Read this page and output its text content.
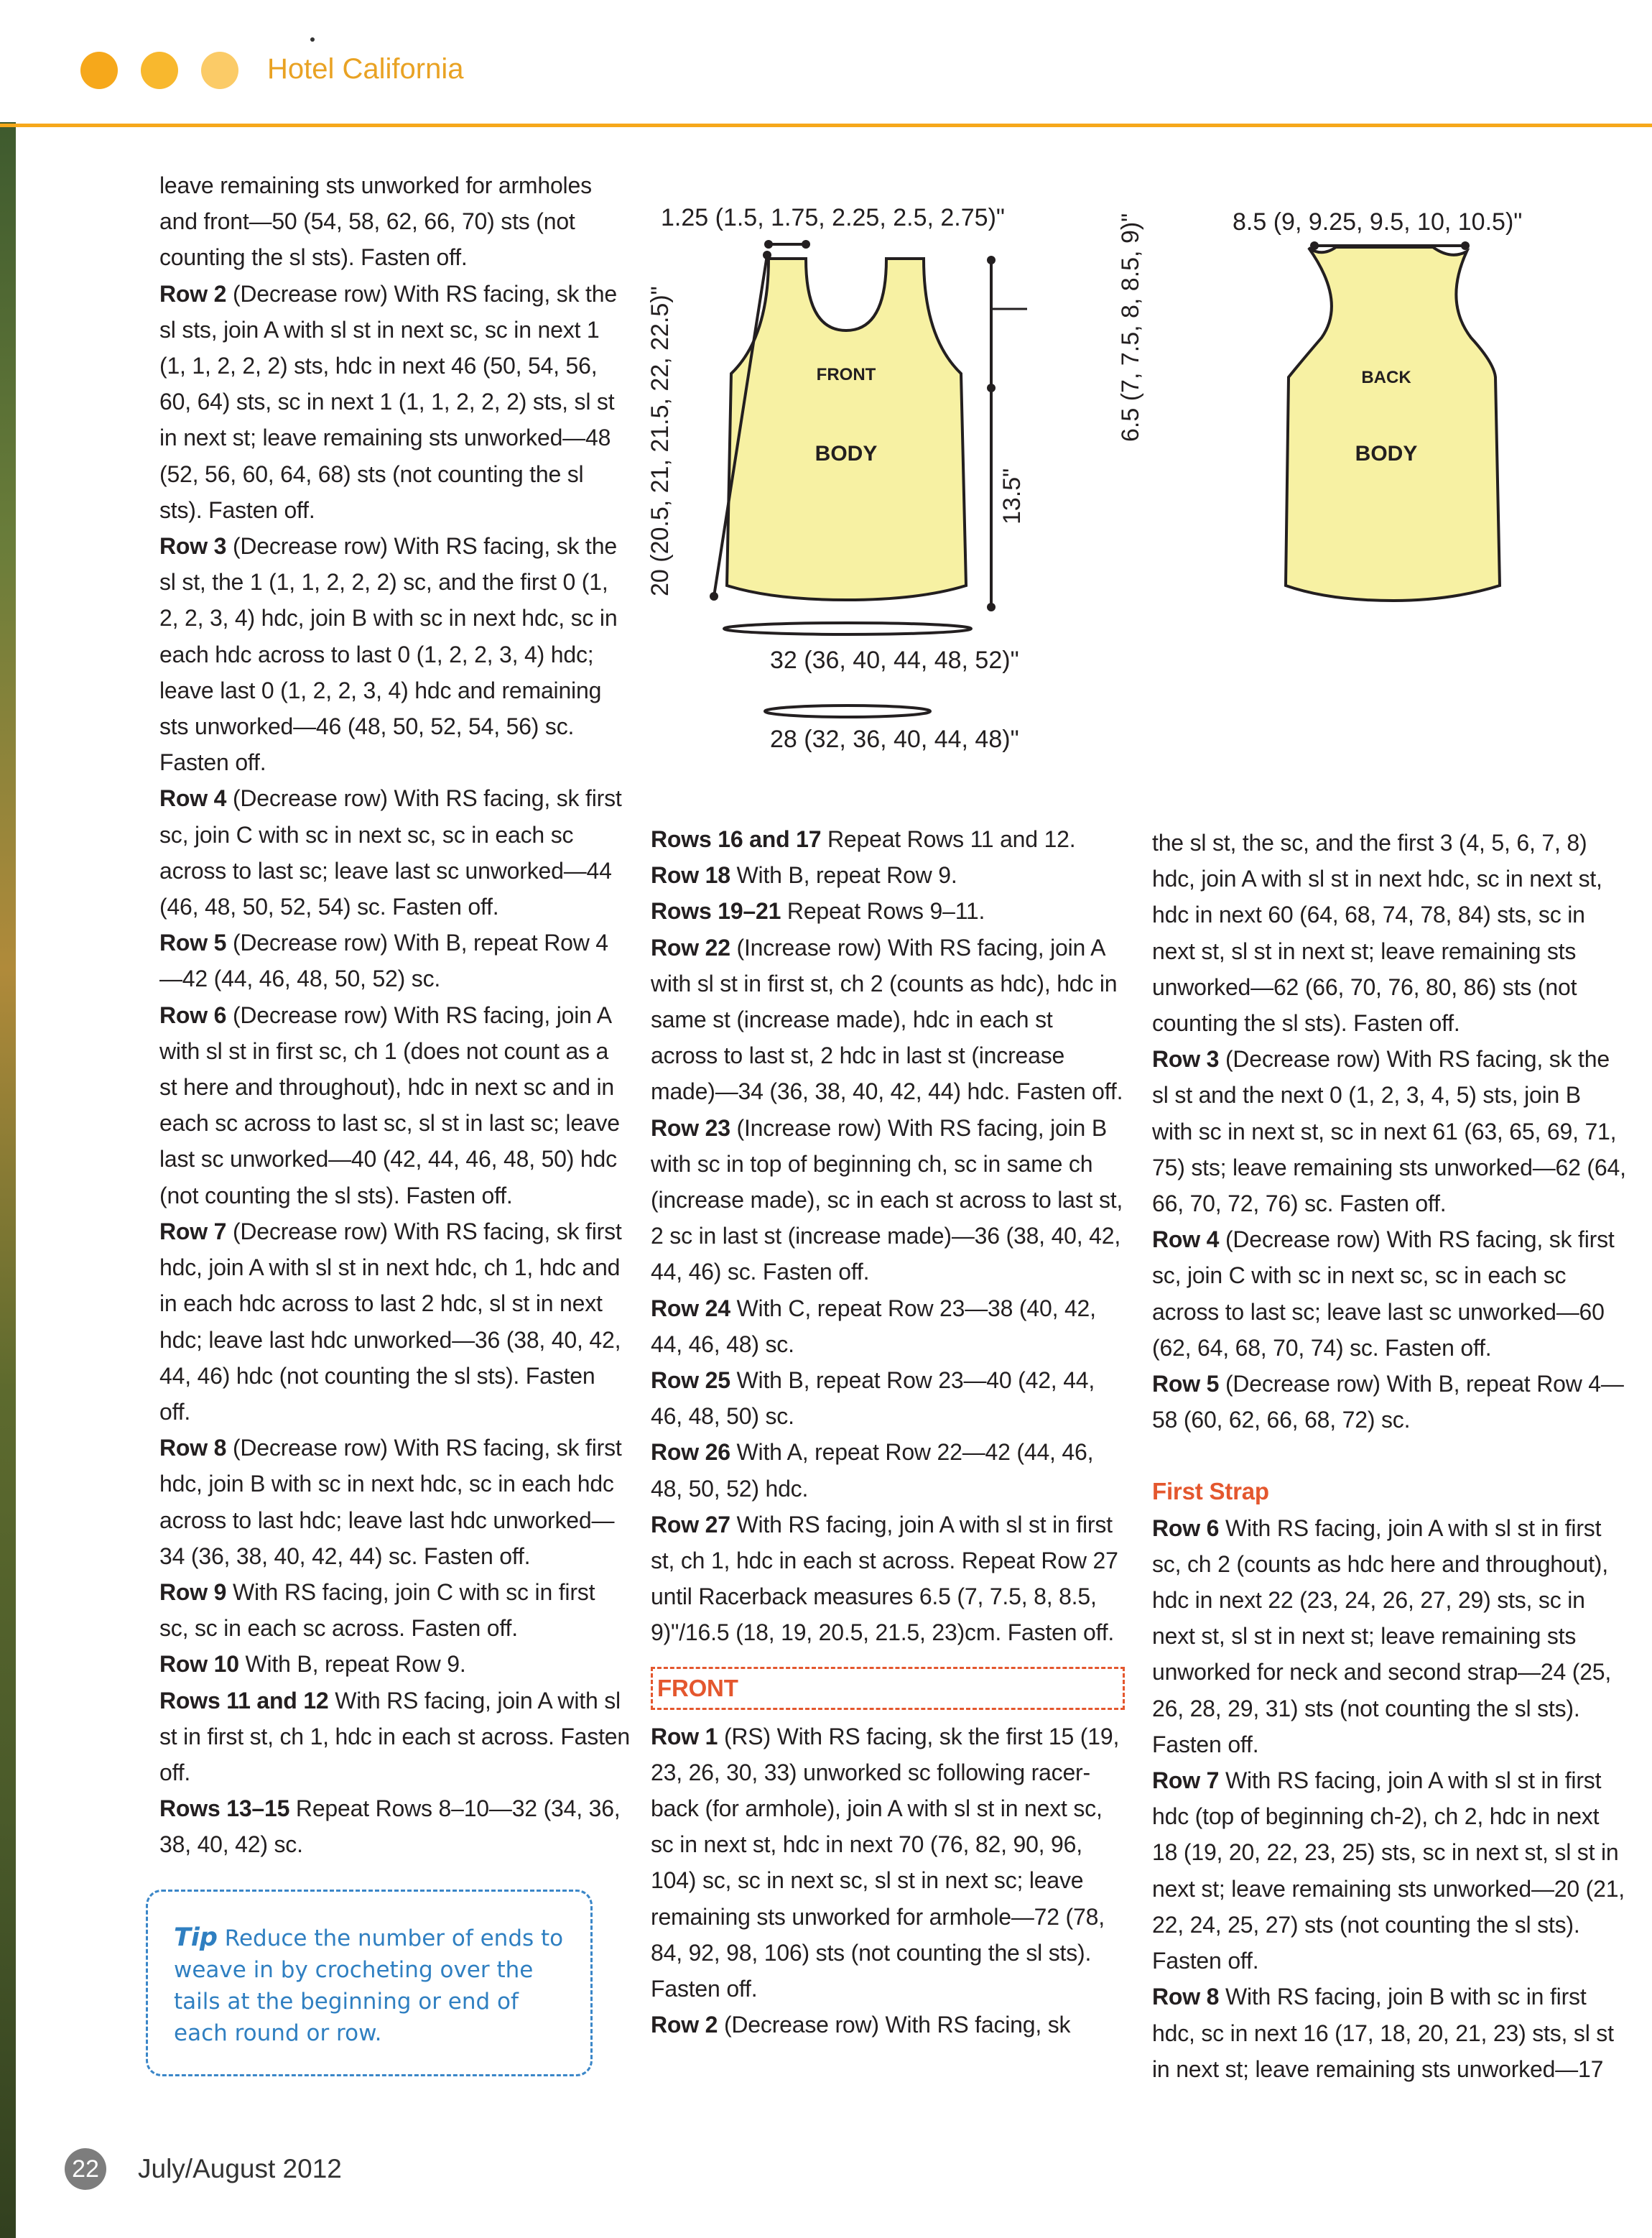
Hotel California
1.25 (1.5, 1.75, 2.25, 2.5, 2.75)"
20 (20.5, 21, 21.5, 22, 22.5)"	13.5"
6.5 (7, 7.5, 8, 8.5, 9)"
32 (36, 40, 44, 48, 52)"
28 (32, 36, 40, 44, 48)"
FRONT
BODY
8.5 (9, 9.25, 9.5, 10, 10.5)"
BACK
BODY

leave remaining sts unworked for armholes and front—50 (54, 58, 62, 66, 70) sts (not counting the sl sts). Fasten off.

Row 2 (Decrease row) With RS facing, sk the sl sts, join A with sl st in next sc, sc in next 1 (1, 1, 2, 2, 2) sts, hdc in next 46 (50, 54, 56, 60, 64) sts, sc in next 1 (1, 1, 2, 2, 2) sts, sl st in next st; leave remaining sts unworked—48 (52, 56, 60, 64, 68) sts (not counting the sl sts). Fasten off.

Row 3 (Decrease row) With RS facing, sk the sl st, the 1 (1, 1, 2, 2, 2) sc, and the first 0 (1, 2, 2, 3, 4) hdc, join B with sc in next hdc, sc in each hdc across to last 0 (1, 2, 2, 3, 4) hdc; leave last 0 (1, 2, 2, 3, 4) hdc and remaining sts unworked—46 (48, 50, 52, 54, 56) sc. Fasten off.

Row 4 (Decrease row) With RS facing, sk first sc, join C with sc in next sc, sc in each sc across to last sc; leave last sc unworked—44 (46, 48, 50, 52, 54) sc. Fasten off.

Row 5 (Decrease row) With B, repeat Row 4—42 (44, 46, 48, 50, 52) sc.

Row 6 (Decrease row) With RS facing, join A with sl st in first sc, ch 1 (does not count as a st here and throughout), hdc in next sc and in each sc across to last sc, sl st in last sc; leave last sc unworked—40 (42, 44, 46, 48, 50) hdc (not counting the sl sts). Fasten off.

Row 7 (Decrease row) With RS facing, sk first hdc, join A with sl st in next hdc, ch 1, hdc and in each hdc across to last 2 hdc, sl st in next hdc; leave last hdc unworked—36 (38, 40, 42, 44, 46) hdc (not counting the sl sts). Fasten off.

Row 8 (Decrease row) With RS facing, sk first hdc, join B with sc in next hdc, sc in each hdc across to last hdc; leave last hdc unworked—34 (36, 38, 40, 42, 44) sc. Fasten off.

Row 9 With RS facing, join C with sc in first sc, sc in each sc across. Fasten off.

Row 10 With B, repeat Row 9.

Rows 11 and 12 With RS facing, join A with sl st in first st, ch 1, hdc in each st across. Fasten off.

Rows 13–15 Repeat Rows 8–10—32 (34, 36, 38, 40, 42) sc.

Tip Reduce the number of ends to weave in by crocheting over the tails at the beginning or end of each round or row.

Rows 16 and 17 Repeat Rows 11 and 12.

Row 18 With B, repeat Row 9.

Rows 19–21 Repeat Rows 9–11.

Row 22 (Increase row) With RS facing, join A with sl st in first st, ch 2 (counts as hdc), hdc in same st (increase made), hdc in each st across to last st, 2 hdc in last st (increase made)—34 (36, 38, 40, 42, 44) hdc. Fasten off.

Row 23 (Increase row) With RS facing, join B with sc in top of beginning ch, sc in same ch (increase made), sc in each st across to last st, 2 sc in last st (increase made)—36 (38, 40, 42, 44, 46) sc. Fasten off.

Row 24 With C, repeat Row 23—38 (40, 42, 44, 46, 48) sc.

Row 25 With B, repeat Row 23—40 (42, 44, 46, 48, 50) sc.

Row 26 With A, repeat Row 22—42 (44, 46, 48, 50, 52) hdc.

Row 27 With RS facing, join A with sl st in first st, ch 1, hdc in each st across. Repeat Row 27 until Racerback measures 6.5 (7, 7.5, 8, 8.5, 9)"/16.5 (18, 19, 20.5, 21.5, 23)cm. Fasten off.

FRONT

Row 1 (RS) With RS facing, sk the first 15 (19, 23, 26, 30, 33) unworked sc following racer-back (for armhole), join A with sl st in next sc, sc in next st, hdc in next 70 (76, 82, 90, 96, 104) sc, sc in next sc, sl st in next sc; leave remaining sts unworked for armhole—72 (78, 84, 92, 98, 106) sts (not counting the sl sts). Fasten off.

Row 2 (Decrease row) With RS facing, sk

the sl st, the sc, and the first 3 (4, 5, 6, 7, 8) hdc, join A with sl st in next hdc, sc in next st, hdc in next 60 (64, 68, 74, 78, 84) sts, sc in next st, sl st in next st; leave remaining sts unworked—62 (66, 70, 76, 80, 86) sts (not counting the sl sts). Fasten off.

Row 3 (Decrease row) With RS facing, sk the sl st and the next 0 (1, 2, 3, 4, 5) sts, join B with sc in next st, sc in next 61 (63, 65, 69, 71, 75) sts; leave remaining sts unworked—62 (64, 66, 70, 72, 76) sc. Fasten off.

Row 4 (Decrease row) With RS facing, sk first sc, join C with sc in next sc, sc in each sc across to last sc; leave last sc unworked—60 (62, 64, 68, 70, 74) sc. Fasten off.

Row 5 (Decrease row) With B, repeat Row 4—58 (60, 62, 66, 68, 72) sc.

First Strap

Row 6 With RS facing, join A with sl st in first sc, ch 2 (counts as hdc here and throughout), hdc in next 22 (23, 24, 26, 27, 29) sts, sc in next st, sl st in next st; leave remaining sts unworked for neck and second strap—24 (25, 26, 28, 29, 31) sts (not counting the sl sts). Fasten off.

Row 7 With RS facing, join A with sl st in first hdc (top of beginning ch-2), ch 2, hdc in next 18 (19, 20, 22, 23, 25) sts, sc in next st, sl st in next st; leave remaining sts unworked—20 (21, 22, 24, 25, 27) sts (not counting the sl sts). Fasten off.

Row 8 With RS facing, join B with sc in first hdc, sc in next 16 (17, 18, 20, 21, 23) sts, sl st in next st; leave remaining sts unworked—17

22 July/August 2012
